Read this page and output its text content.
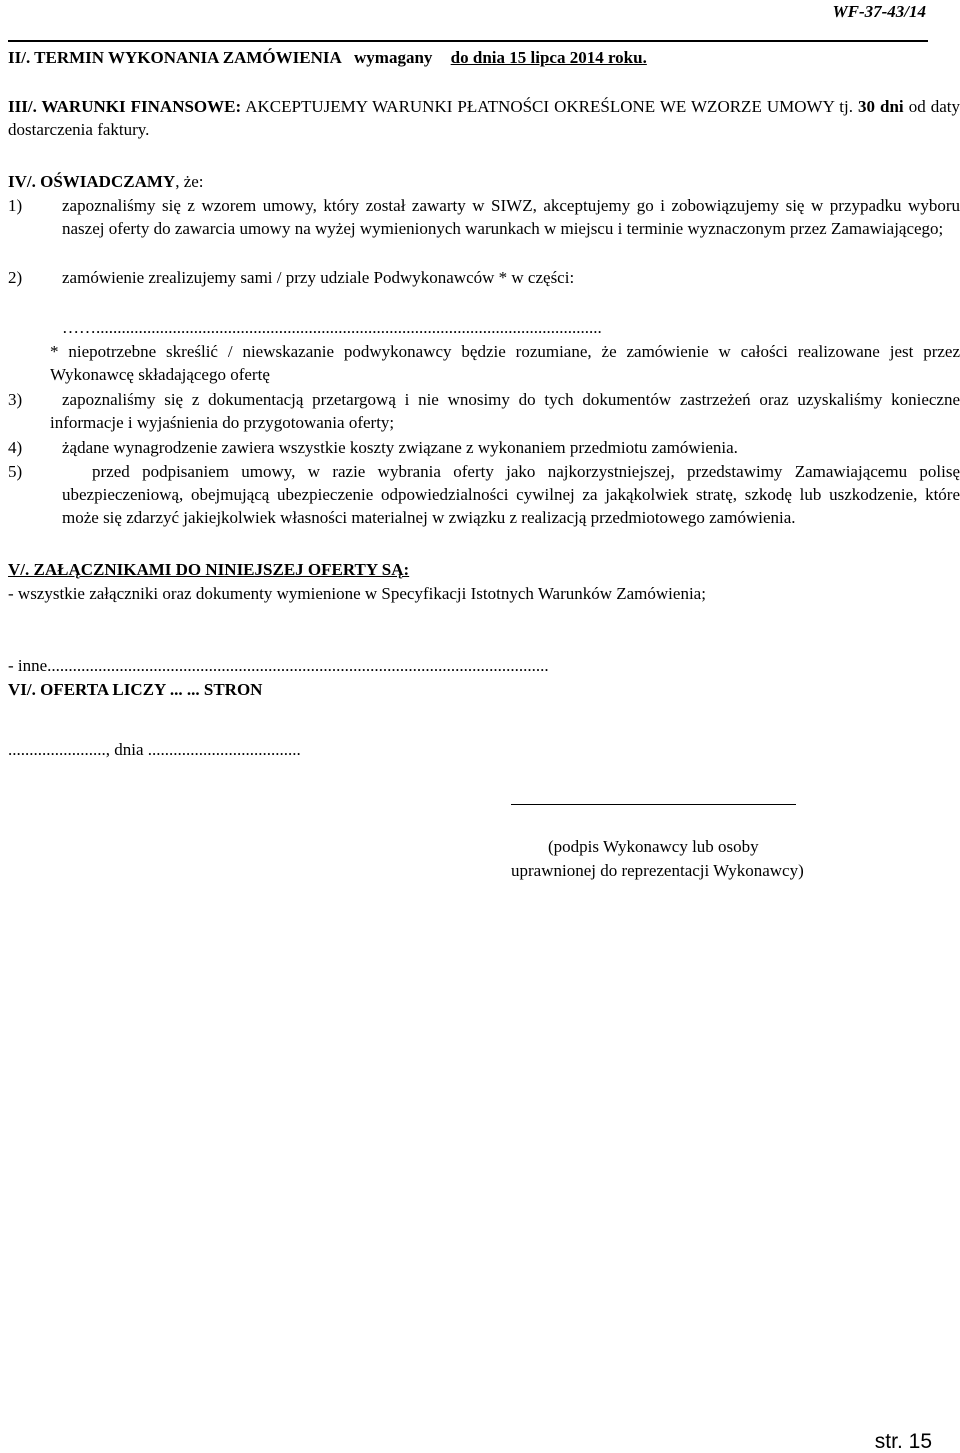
WF-37-43/14
II/. TERMIN WYKONANIA ZAMÓWIENIA wymagany do dnia 15 lipca 2014 roku.
III/. WARUNKI FINANSOWE: AKCEPTUJEMY WARUNKI PŁATNOŚCI OKREŚLONE WE WZORZE UMOWY tj. 30 dni od daty dostarczenia faktury.
IV/. OŚWIADCZAMY, że:
1) zapoznaliśmy się z wzorem umowy, który został zawarty w SIWZ, akceptujemy go i zobowiązujemy się w przypadku wyboru naszej oferty do zawarcia umowy na wyżej wymienionych warunkach w miejscu i terminie wyznaczonym przez Zamawiającego;
2) zamówienie zrealizujemy sami / przy udziale Podwykonawców * w części:
…….......................................................................................................................
* niepotrzebne skreślić / niewskazanie podwykonawcy będzie rozumiane, że zamówienie w całości realizowane jest przez Wykonawcę składającego ofertę
3)	zapoznaliśmy się z dokumentacją przetargową i nie wnosimy do tych dokumentów zastrzeżeń oraz uzyskaliśmy konieczne informacje i wyjaśnienia do przygotowania oferty;
4)	żądane wynagrodzenie zawiera wszystkie koszty związane z wykonaniem przedmiotu zamówienia.
5)	przed podpisaniem umowy, w razie wybrania oferty jako najkorzystniejszej, przedstawimy Zamawiającemu polisę ubezpieczeniową, obejmującą ubezpieczenie odpowiedzialności cywilnej za jakąkolwiek stratę, szkodę lub uszkodzenie, które może się zdarzyć jakiejkolwiek własności materialnej w związku z realizacją przedmiotowego zamówienia.
V/. ZAŁĄCZNIKAMI DO NINIEJSZEJ OFERTY SĄ:
- wszystkie załączniki oraz dokumenty wymienione w Specyfikacji Istotnych Warunków Zamówienia;
- inne......................................................................................................................
VI/. OFERTA LICZY ... ... STRON
......................., dnia ....................................
(podpis Wykonawcy lub osoby
uprawnionej do reprezentacji Wykonawcy)
str. 15
